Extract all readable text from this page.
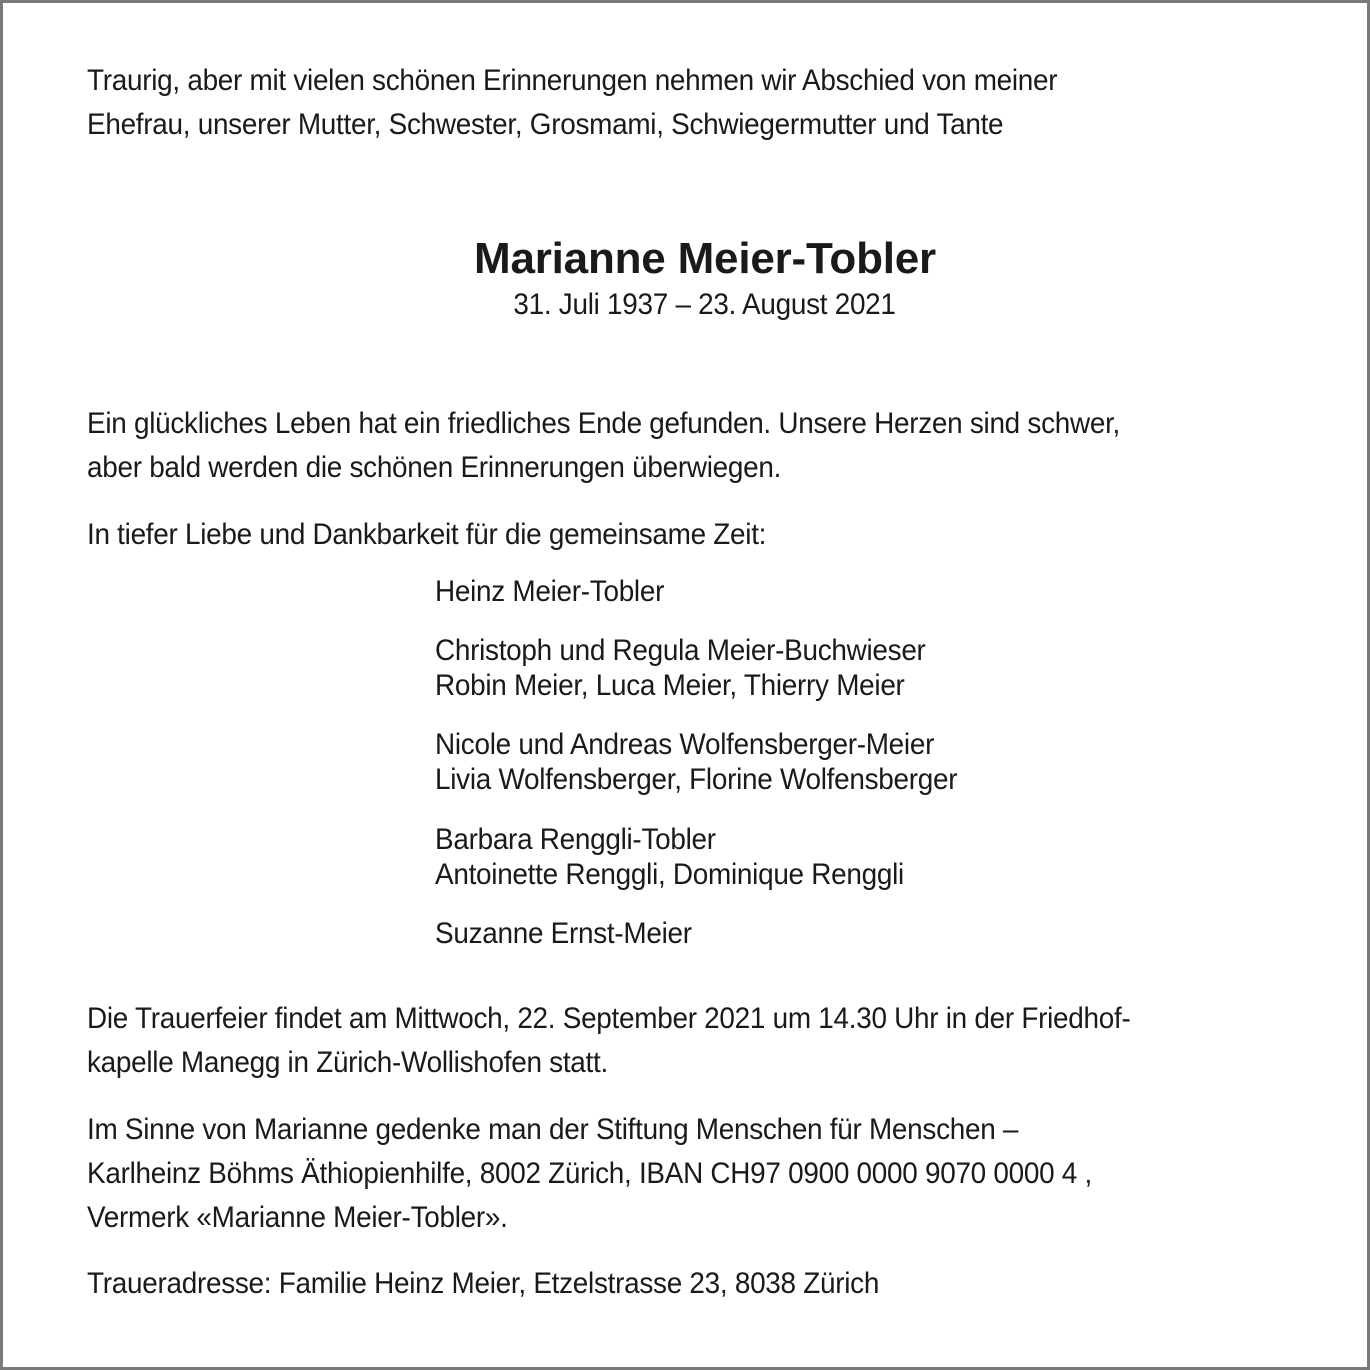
Traurig, aber mit vielen schönen Erinnerungen nehmen wir Abschied von meiner
Ehefrau, unserer Mutter, Schwester, Grosmami, Schwiegermutter und Tante
Marianne Meier-Tobler
31. Juli 1937 – 23. August 2021
Ein glückliches Leben hat ein friedliches Ende gefunden. Unsere Herzen sind schwer,
aber bald werden die schönen Erinnerungen überwiegen.
In tiefer Liebe und Dankbarkeit für die gemeinsame Zeit:
Heinz Meier-Tobler
Christoph und Regula Meier-Buchwieser
Robin Meier, Luca Meier, Thierry Meier
Nicole und Andreas Wolfensberger-Meier
Livia Wolfensberger, Florine Wolfensberger
Barbara Renggli-Tobler
Antoinette Renggli, Dominique Renggli
Suzanne Ernst-Meier
Die Trauerfeier findet am Mittwoch, 22. September 2021 um 14.30 Uhr in der Friedhof-
kapelle Manegg in Zürich-Wollishofen statt.
Im Sinne von Marianne gedenke man der Stiftung Menschen für Menschen –
Karlheinz Böhms Äthiopienhilfe, 8002 Zürich, IBAN CH97 0900 0000 9070 0000 4 ,
Vermerk «Marianne Meier-Tobler».
Traueradresse: Familie Heinz Meier, Etzelstrasse 23, 8038 Zürich
